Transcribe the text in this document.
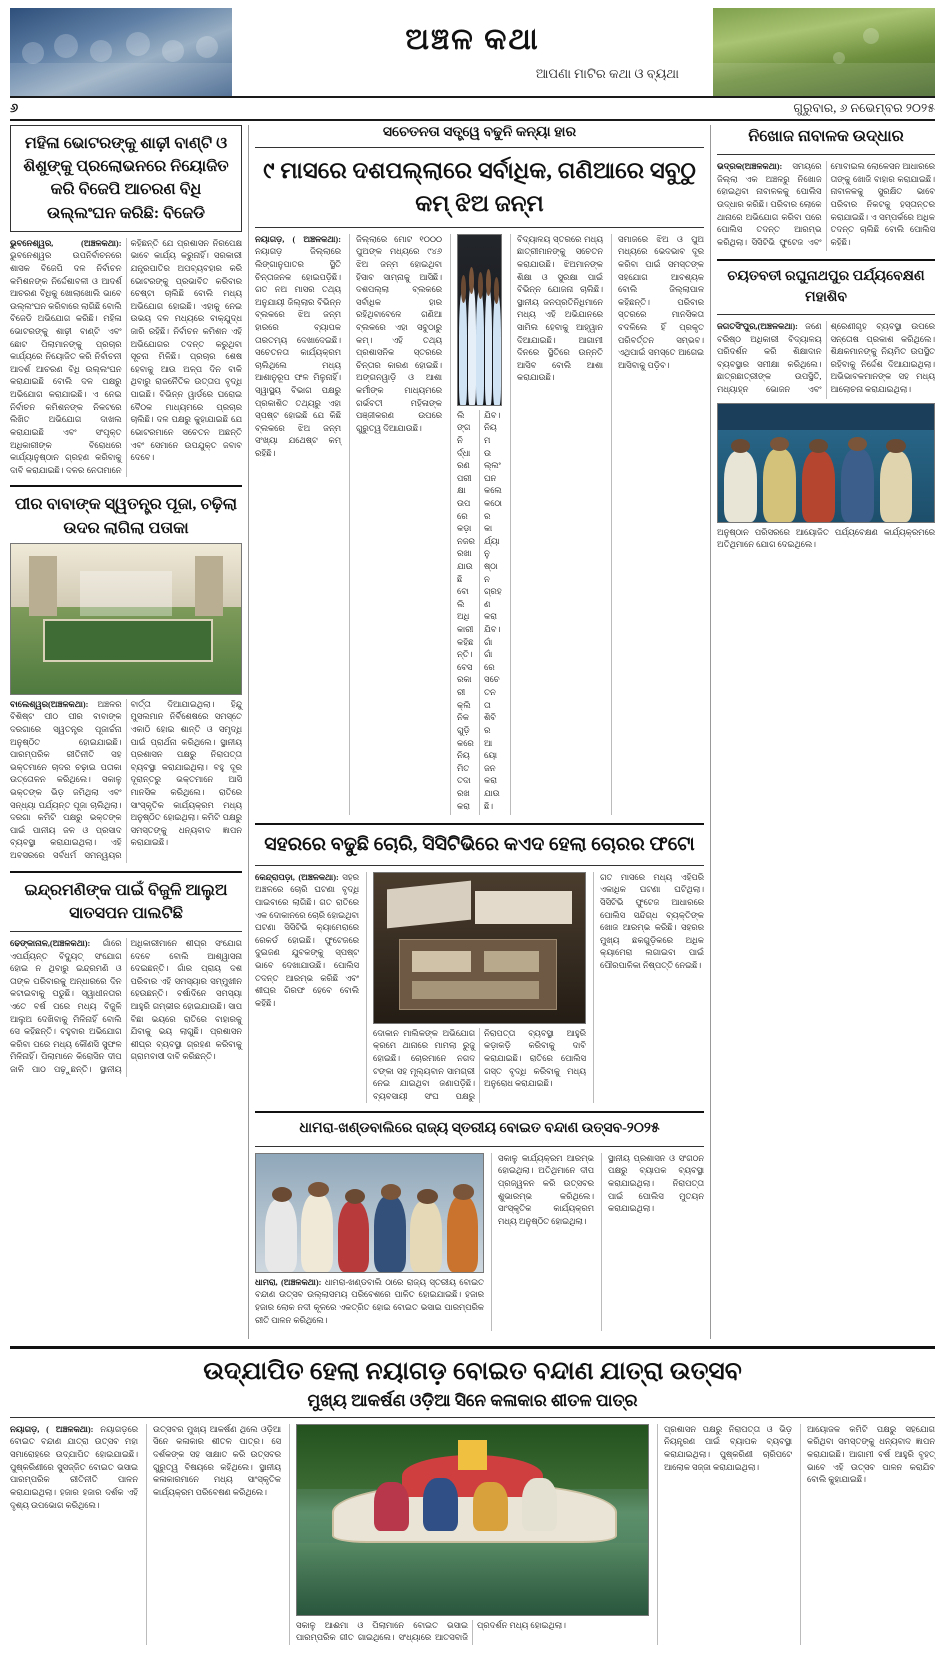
ଅଞ୍ଚଳ କଥା
ଆପଣା ମାଟିର କଥା ଓ ବ୍ୟଥା
୬	ଗୁରୁବାର, ୬ ନଭେମ୍ବର ୨୦୨୫
ମହିଳା ଭୋଟରଙ୍କୁ ଶାଢ଼ୀ ବାଣ୍ଟି ଓ ଶିଶୁଙ୍କୁ ପ୍ରଲୋଭନରେ ନିୟୋଜିତ କରି ବିଜେପି ଆଚରଣ ବିଧି ଉଲ୍ଲଂଘନ କରିଛି: ବିଜେଡି

ଭୁବନେଶ୍ୱର, (ଅଞ୍ଚଳକଥା): ଭୁବନେଶ୍ୱର ଉପନିର୍ବାଚନରେ ଶାସକ ବିଜେପି ଦଳ ନିର୍ବାଚନ କମିଶନଙ୍କ ନିର୍ଦ୍ଦେଶାବଳୀ ଓ ଆଦର୍ଶ ଆଚରଣ ବିଧିକୁ ଖୋଲାଖୋଲି ଭାବେ ଉଲ୍ଲଂଘନ କରିବାରେ ଲାଗିଛି ବୋଲି ବିଜେଡି ଅଭିଯୋଗ କରିଛି। ମହିଳା ଭୋଟରଙ୍କୁ ଶାଢ଼ୀ ବାଣ୍ଟି ଏବଂ ଛୋଟ ପିଲାମାନଙ୍କୁ ପ୍ରଚାର କାର୍ଯ୍ୟରେ ନିୟୋଜିତ କରି ନିର୍ବାଚନୀ ଆଦର୍ଶ ଆଚରଣ ବିଧି ଉଲ୍ଲଂଘନ କରାଯାଇଛି ବୋଲି ଦଳ ପକ୍ଷରୁ ଅଭିଯୋଗ କରାଯାଇଛି। ଏ ନେଇ ନିର୍ବାଚନ କମିଶନଙ୍କ ନିକଟରେ ଲିଖିତ ଅଭିଯୋଗ ଦାଖଲ କରାଯାଇଛି ଏବଂ ସଂପୃକ୍ତ ଅଧିକାରୀଙ୍କ ବିରୋଧରେ କାର୍ଯ୍ୟାନୁଷ୍ଠାନ ଗ୍ରହଣ କରିବାକୁ ଦାବି କରାଯାଇଛି। ଦଳର ନେତାମାନେ କହିଛନ୍ତି ଯେ ପ୍ରଶାସନ ନିରପେକ୍ଷ ଭାବେ କାର୍ଯ୍ୟ କରୁନାହିଁ। ସରକାରୀ ଯନ୍ତ୍ରପାତିର ଅପବ୍ୟବହାର କରି ଭୋଟରଙ୍କୁ ପ୍ରଭାବିତ କରିବାର ଚେଷ୍ଟା ଚାଲିଛି ବୋଲି ମଧ୍ୟ ଅଭିଯୋଗ ହୋଇଛି। ଏହାକୁ ନେଇ ଉଭୟ ଦଳ ମଧ୍ୟରେ ବାକ୍‌ଯୁଦ୍ଧ ଜାରି ରହିଛି। ନିର୍ବାଚନ କମିଶନ ଏହି ଅଭିଯୋଗର ତଦନ୍ତ କରୁଥିବା ସୂଚନା ମିଳିଛି। ପ୍ରଚାର ଶେଷ ହେବାକୁ ଆଉ ଅଳ୍ପ ଦିନ ବାକି ଥିବାରୁ ରାଜନୈତିକ ଉତ୍ତାପ ବୃଦ୍ଧି ପାଇଛି। ବିଭିନ୍ନ ୱାର୍ଡରେ ଘରୋଇ ବୈଠକ ମାଧ୍ୟମରେ ପ୍ରଚାର ଚାଲିଛି। ଦଳ ପକ୍ଷରୁ କୁହାଯାଇଛି ଯେ ଭୋଟରମାନେ ସଚେତନ ଅଛନ୍ତି ଏବଂ ସେମାନେ ଉପଯୁକ୍ତ ଜବାବ ଦେବେ।

ପୀର ବାବାଙ୍କ ସ୍ୱତନ୍ତ୍ର ପୂଜା, ଚଢ଼ିଲା ଉଦର ଲାଗିଲା ପତାକା

ବାଲେଶ୍ୱର(ଅଞ୍ଚଳକଥା): ଅଞ୍ଚଳର ବିଶିଷ୍ଟ ପୀଠ ପୀର ବାବାଙ୍କ ଦରଗାରେ ସ୍ୱତନ୍ତ୍ର ପୂଜାର୍ଚ୍ଚନା ଅନୁଷ୍ଠିତ ହୋଇଯାଇଛି। ପାରମ୍ପରିକ ରୀତିନୀତି ସହ ଭକ୍ତମାନେ ଚାଦର ଚଢ଼ାଇ ପତାକା ଉତ୍ତୋଳନ କରିଥିଲେ। ସକାଳୁ ଭକ୍ତଙ୍କ ଭିଡ଼ ଜମିଥିଲା ଏବଂ ସନ୍ଧ୍ୟା ପର୍ଯ୍ୟନ୍ତ ପୂଜା ଚାଲିଥିଲା। ଦରଗା କମିଟି ପକ୍ଷରୁ ଭକ୍ତଙ୍କ ପାଇଁ ପାନୀୟ ଜଳ ଓ ପ୍ରସାଦ ବ୍ୟବସ୍ଥା କରାଯାଇଥିଲା। ଏହି ଅବସରରେ ସର୍ବଧର୍ମ ସମନ୍ୱୟର ବାର୍ତ୍ତା ଦିଆଯାଇଥିଲା। ହିନ୍ଦୁ ମୁସଲମାନ ନିର୍ବିଶେଷରେ ସମସ୍ତେ ଏକାଠି ହୋଇ ଶାନ୍ତି ଓ ସମୃଦ୍ଧି ପାଇଁ ପ୍ରାର୍ଥନା କରିଥିଲେ। ସ୍ଥାନୀୟ ପ୍ରଶାସନ ପକ୍ଷରୁ ନିରାପତ୍ତା ବ୍ୟବସ୍ଥା କରାଯାଇଥିଲା। ବହୁ ଦୂର ଦୂରାନ୍ତରୁ ଭକ୍ତମାନେ ଆସି ମାନସିକ କରିଥିଲେ। ରାତିରେ ସାଂସ୍କୃତିକ କାର୍ଯ୍ୟକ୍ରମ ମଧ୍ୟ ଅନୁଷ୍ଠିତ ହୋଇଥିଲା। କମିଟି ପକ୍ଷରୁ ସମସ୍ତଙ୍କୁ ଧନ୍ୟବାଦ ଜ୍ଞାପନ କରାଯାଇଛି।

ଇନ୍ଦ୍ରମଣିଙ୍କ ପାଇଁ ବିଜୁଳି ଆଲୁଅ ସାତସପନ ପାଲଟିଛି

ଢେଙ୍କାନାଳ,(ଅଞ୍ଚଳକଥା): ଗାଁରେ ଏପର୍ଯ୍ୟନ୍ତ ବିଦ୍ୟୁତ୍‌ ସଂଯୋଗ ହୋଇ ନ ଥିବାରୁ ଇନ୍ଦ୍ରମଣି ଓ ତାଙ୍କ ପରିବାରକୁ ଅନ୍ଧାରରେ ଦିନ କଟାଇବାକୁ ପଡୁଛି। ସ୍ୱାଧୀନତାର ଏତେ ବର୍ଷ ପରେ ମଧ୍ୟ ବିଜୁଳି ଆଲୁଅ ଦେଖିବାକୁ ମିଳିନାହିଁ ବୋଲି ସେ କହିଛନ୍ତି। ବହୁବାର ଅଭିଯୋଗ କରିବା ପରେ ମଧ୍ୟ କୌଣସି ସୁଫଳ ମିଳିନାହିଁ। ପିଲାମାନେ କିରୋସିନ ଦୀପ ଜାଳି ପାଠ ପଢ଼ୁଛନ୍ତି। ସ୍ଥାନୀୟ ଅଧିକାରୀମାନେ ଶୀଘ୍ର ସଂଯୋଗ ଦେବେ ବୋଲି ଆଶ୍ୱାସନା ଦେଇଛନ୍ତି। ଗାଁର ପ୍ରାୟ ଦଶ ପରିବାର ଏହି ସମସ୍ୟାର ସମ୍ମୁଖୀନ ହେଉଛନ୍ତି। ବର୍ଷାଦିନେ ସମସ୍ୟା ଆହୁରି ଗମ୍ଭୀର ହୋଇଯାଉଛି। ସାପ ବିଛା ଭୟରେ ରାତିରେ ବାହାରକୁ ଯିବାକୁ ଭୟ ଲାଗୁଛି। ପ୍ରଶାସନ ଶୀଘ୍ର ବ୍ୟବସ୍ଥା ଗ୍ରହଣ କରିବାକୁ ଗ୍ରାମବାସୀ ଦାବି କରିଛନ୍ତି।

ସଚେତନତା ସତ୍ତ୍ୱେ ବଢୁନି କନ୍ୟା ହାର
୯ ମାସରେ ଦଶପଲ୍ଲାରେ ସର୍ବାଧିକ, ଗଣିଆରେ ସବୁଠୁ କମ୍‌ ଝିଅ ଜନ୍ମ

ନୟାଗଡ଼, ( ଅଞ୍ଚଳକଥା): ନୟାଗଡ଼ ଜିଲ୍ଲାରେ ଲିଙ୍ଗାନୁପାତର ସ୍ଥିତି ଚିନ୍ତାଜନକ ହୋଇପଡ଼ିଛି। ଗତ ନଅ ମାସର ତଥ୍ୟ ଅନୁଯାୟୀ ଜିଲ୍ଲାର ବିଭିନ୍ନ ବ୍ଲକରେ ଝିଅ ଜନ୍ମ ହାରରେ ବ୍ୟାପକ ତାରତମ୍ୟ ଦେଖାଦେଇଛି। ସଚେତନତା କାର୍ଯ୍ୟକ୍ରମ ଚାଲିଥିଲେ ମଧ୍ୟ ଆଶାନୁରୂପ ଫଳ ମିଳୁନାହିଁ। ସ୍ୱାସ୍ଥ୍ୟ ବିଭାଗ ପକ୍ଷରୁ ପ୍ରକାଶିତ ତଥ୍ୟରୁ ଏହା ସ୍ପଷ୍ଟ ହୋଇଛି ଯେ କିଛି ବ୍ଲକରେ ଝିଅ ଜନ୍ମ ସଂଖ୍ୟା ଯଥେଷ୍ଟ କମ୍‌ ରହିଛି।

ଜିଲ୍ଲାରେ ମୋଟ ୧୦୦୦ ପୁଅଙ୍କ ମଧ୍ୟରେ ୯୪୬ ଝିଅ ଜନ୍ମ ହୋଇଥିବା ହିସାବ ସାମ୍ନାକୁ ଆସିଛି। ଦଶପଲ୍ଲା ବ୍ଲକରେ ସର୍ବାଧିକ ହାର ରହିଥିବାବେଳେ ଗଣିଆ ବ୍ଲକରେ ଏହା ସବୁଠାରୁ କମ୍‌। ଏହି ତଥ୍ୟ ପ୍ରଶାସନିକ ସ୍ତରରେ ଚିନ୍ତାର କାରଣ ହୋଇଛି। ଅଙ୍ଗନୱାଡ଼ି ଓ ଆଶା କର୍ମୀଙ୍କ ମାଧ୍ୟମରେ ଗର୍ଭବତୀ ମହିଳାଙ୍କ ପଞ୍ଜୀକରଣ ଉପରେ ଗୁରୁତ୍ୱ ଦିଆଯାଉଛି।

ଲିଙ୍ଗ ନିର୍ଦ୍ଧାରଣ ପରୀକ୍ଷା ଉପରେ କଡ଼ା ନଜର ରଖାଯାଉଛି ବୋଲି ଅଧିକାରୀ କହିଛନ୍ତି। ବେସରକାରୀ କ୍ଲିନିକଗୁଡ଼ିକରେ ନିୟମିତ ତଦାରଖ କରାଯିବ। ନିୟମ ଉଲ୍ଲଂଘନ କଲେ କଠୋର କାର୍ଯ୍ୟାନୁଷ୍ଠାନ ଗ୍ରହଣ କରାଯିବ। ଗାଁ ଗାଁରେ ସଚେତନତା ଶିବିର ଆୟୋଜନ କରାଯାଉଛି।

ବିଦ୍ୟାଳୟ ସ୍ତରରେ ମଧ୍ୟ ଛାତ୍ରୀମାନଙ୍କୁ ସଚେତନ କରାଯାଉଛି। ଝିଅମାନଙ୍କ ଶିକ୍ଷା ଓ ସୁରକ୍ଷା ପାଇଁ ବିଭିନ୍ନ ଯୋଜନା ଚାଲିଛି। ସ୍ଥାନୀୟ ଜନପ୍ରତିନିଧିମାନେ ମଧ୍ୟ ଏହି ଅଭିଯାନରେ ସାମିଲ ହେବାକୁ ଆହ୍ୱାନ ଦିଆଯାଇଛି। ଆଗାମୀ ଦିନରେ ସ୍ଥିତିରେ ଉନ୍ନତି ଆସିବ ବୋଲି ଆଶା କରାଯାଉଛି।

ସମାଜରେ ଝିଅ ଓ ପୁଅ ମଧ୍ୟରେ ଭେଦଭାବ ଦୂର କରିବା ପାଇଁ ସମସ୍ତଙ୍କ ସହଯୋଗ ଆବଶ୍ୟକ ବୋଲି ଜିଲ୍ଲାପାଳ କହିଛନ୍ତି। ପରିବାର ସ୍ତରରେ ମାନସିକତା ବଦଳିଲେ ହିଁ ପ୍ରକୃତ ପରିବର୍ତ୍ତନ ସମ୍ଭବ। ଏଥିପାଇଁ ସମସ୍ତେ ଆଗେଇ ଆସିବାକୁ ପଡ଼ିବ।

ସହରରେ ବଢୁଛି ଚୋରି, ସିସିଟିଭିରେ କଏଦ ହେଲା ଚୋରର ଫଟୋ

କେନ୍ଦ୍ରାପଡ଼ା, (ଅଞ୍ଚଳକଥା): ସହର ଅଞ୍ଚଳରେ ଚୋରି ଘଟଣା ବୃଦ୍ଧି ପାଇବାରେ ଲାଗିଛି। ଗତ ରାତିରେ ଏକ ଦୋକାନରେ ଚୋରି ହୋଇଥିବା ଘଟଣା ସିସିଟିଭି କ୍ୟାମେରାରେ ରେକର୍ଡ ହୋଇଛି। ଫୁଟେଜରେ ଦୁଇଜଣ ଯୁବକଙ୍କୁ ସ୍ପଷ୍ଟ ଭାବେ ଦେଖାଯାଉଛି। ପୋଲିସ ତଦନ୍ତ ଆରମ୍ଭ କରିଛି ଏବଂ ଶୀଘ୍ର ଗିରଫ ହେବେ ବୋଲି କହିଛି।

ଦୋକାନ ମାଲିକଙ୍କ ଅଭିଯୋଗ କ୍ରମେ ଥାନାରେ ମାମଲା ରୁଜୁ ହୋଇଛି। ଚୋରମାନେ ନଗଦ ଟଙ୍କା ସହ ମୂଲ୍ୟବାନ ସାମଗ୍ରୀ ନେଇ ଯାଇଥିବା ଜଣାପଡ଼ିଛି। ବ୍ୟବସାୟୀ ସଂଘ ପକ୍ଷରୁ ନିରାପତ୍ତା ବ୍ୟବସ୍ଥା ଆହୁରି କଡ଼ାକଡ଼ି କରିବାକୁ ଦାବି କରାଯାଇଛି। ରାତିରେ ପୋଲିସ ଗସ୍ତ ବୃଦ୍ଧି କରିବାକୁ ମଧ୍ୟ ଅନୁରୋଧ କରାଯାଇଛି।

ଗତ ମାସରେ ମଧ୍ୟ ଏହିପରି ଏକାଧିକ ଘଟଣା ଘଟିଥିଲା। ସିସିଟିଭି ଫୁଟେଜ ଆଧାରରେ ପୋଲିସ ସନ୍ଦିଗ୍ଧ ବ୍ୟକ୍ତିଙ୍କ ଖୋଜ ଆରମ୍ଭ କରିଛି। ସହରର ମୁଖ୍ୟ ଛକଗୁଡ଼ିକରେ ଅଧିକ କ୍ୟାମେରା ଲଗାଇବା ପାଇଁ ପୌରପାଳିକା ନିଷ୍ପତ୍ତି ନେଇଛି।

ଧାମରା-ଖଣ୍ଡବାଲିରେ ରାଜ୍ୟ ସ୍ତରୀୟ ବୋଇତ ବନ୍ଦାଣ ଉତ୍ସବ-୨୦୨୫

ଧାମରା, (ଅଞ୍ଚଳକଥା): ଧାମରା-ଖଣ୍ଡବାଲି ଠାରେ ରାଜ୍ୟ ସ୍ତରୀୟ ବୋଇତ ବନ୍ଦାଣ ଉତ୍ସବ ଉଲ୍ଲାସମୟ ପରିବେଶରେ ପାଳିତ ହୋଇଯାଇଛି। ହଜାର ହଜାର ଲୋକ ନଦୀ କୂଳରେ ଏକତ୍ରିତ ହୋଇ ବୋଇତ ଭସାଇ ପାରମ୍ପରିକ ରୀତି ପାଳନ କରିଥିଲେ।

ସକାଳୁ କାର୍ଯ୍ୟକ୍ରମ ଆରମ୍ଭ ହୋଇଥିଲା। ଅତିଥିମାନେ ଦୀପ ପ୍ରଜ୍ୱଳନ କରି ଉତ୍ସବର ଶୁଭାରମ୍ଭ କରିଥିଲେ। ସାଂସ୍କୃତିକ କାର୍ଯ୍ୟକ୍ରମ ମଧ୍ୟ ଅନୁଷ୍ଠିତ ହୋଇଥିଲା।

ସ୍ଥାନୀୟ ପ୍ରଶାସନ ଓ ସଂଗଠନ ପକ୍ଷରୁ ବ୍ୟାପକ ବ୍ୟବସ୍ଥା କରାଯାଇଥିଲା। ନିରାପତ୍ତା ପାଇଁ ପୋଲିସ ମୁତୟନ କରାଯାଇଥିଲା।

ନିଖୋଜ ନାବାଳକ ଉଦ୍ଧାର

ଭଦ୍ରକ(ଅଞ୍ଚଳକଥା): ସମୟରେ ଜିଲ୍ଲା ଏକ ଅଞ୍ଚଳରୁ ନିଖୋଜ ହୋଇଥିବା ନାବାଳକକୁ ପୋଲିସ ଉଦ୍ଧାର କରିଛି। ପରିବାର ଲୋକେ ଥାନାରେ ଅଭିଯୋଗ କରିବା ପରେ ପୋଲିସ ତଦନ୍ତ ଆରମ୍ଭ କରିଥିଲା। ସିସିଟିଭି ଫୁଟେଜ ଏବଂ ମୋବାଇଲ ଲୋକେସନ ଆଧାରରେ ତାଙ୍କୁ ଖୋଜି ବାହାର କରାଯାଇଛି। ନାବାଳକକୁ ସୁରକ୍ଷିତ ଭାବେ ପରିବାର ନିକଟକୁ ହସ୍ତାନ୍ତର କରାଯାଇଛି। ଏ ସମ୍ପର୍କରେ ଅଧିକ ତଦନ୍ତ ଚାଲିଛି ବୋଲି ପୋଲିସ କହିଛି।

ଚୟତବତୀ ରଘୁନାଥପୁର ପର୍ଯ୍ୟବେକ୍ଷଣ ମହାଶିବ

ଜଗତସିଂପୁର,(ଅଞ୍ଚଳକଥା): ଜଣେ ବରିଷ୍ଠ ଅଧିକାରୀ ବିଦ୍ୟାଳୟ ପରିଦର୍ଶନ କରି ଶିକ୍ଷାଦାନ ବ୍ୟବସ୍ଥାର ସମୀକ୍ଷା କରିଥିଲେ। ଛାତ୍ରଛାତ୍ରୀଙ୍କ ଉପସ୍ଥିତି, ମଧ୍ୟାହ୍ନ ଭୋଜନ ଏବଂ ଶ୍ରେଣୀଗୃହ ବ୍ୟବସ୍ଥା ଉପରେ ସନ୍ତୋଷ ପ୍ରକାଶ କରିଥିଲେ। ଶିକ୍ଷକମାନଙ୍କୁ ନିୟମିତ ଉପସ୍ଥିତ ରହିବାକୁ ନିର୍ଦ୍ଦେଶ ଦିଆଯାଇଥିଲା। ଅଭିଭାବକମାନଙ୍କ ସହ ମଧ୍ୟ ଆଲୋଚନା କରାଯାଇଥିଲା।

ଅନୁଷ୍ଠାନ ପରିସରରେ ଆୟୋଜିତ ପର୍ଯ୍ୟବେକ୍ଷଣ କାର୍ଯ୍ୟକ୍ରମରେ ଅତିଥିମାନେ ଯୋଗ ଦେଇଥିଲେ।

ଉଦ୍‌ଯାପିତ ହେଲା ନୟାଗଡ଼ ବୋଇତ ବନ୍ଦାଣ ଯାତ୍ରା ଉତ୍ସବ
ମୁଖ୍ୟ ଆକର୍ଷଣ ଓଡ଼ିଆ ସିନେ କଳାକାର ଶୀତଳ ପାତ୍ର

ନୟାଗଡ଼, ( ଅଞ୍ଚଳକଥା): ନୟାଗଡ଼ରେ ବୋଇତ ବନ୍ଦାଣ ଯାତ୍ରା ଉତ୍ସବ ମହା ସମାରୋହରେ ଉଦ୍‌ଯାପିତ ହୋଇଯାଇଛି। ପୁଷ୍କରିଣୀରେ ସୁସଜ୍ଜିତ ବୋଇତ ଭସାଇ ପାରମ୍ପରିକ ରୀତିନୀତି ପାଳନ କରାଯାଇଥିଲା। ହଜାର ହଜାର ଦର୍ଶକ ଏହି ଦୃଶ୍ୟ ଉପଭୋଗ କରିଥିଲେ।

ଉତ୍ସବର ମୁଖ୍ୟ ଆକର୍ଷଣ ଥିଲେ ଓଡ଼ିଆ ସିନେ କଳାକାର ଶୀତଳ ପାତ୍ର। ସେ ଦର୍ଶକଙ୍କ ସହ ସାକ୍ଷାତ କରି ଉତ୍ସବର ଗୁରୁତ୍ୱ ବିଷୟରେ କହିଥିଲେ। ସ୍ଥାନୀୟ କଳାକାରମାନେ ମଧ୍ୟ ସାଂସ୍କୃତିକ କାର୍ଯ୍ୟକ୍ରମ ପରିବେଷଣ କରିଥିଲେ।

ସକାଳୁ ଆଈମା ଓ ପିଲାମାନେ ବୋଇତ ଭସାଇ ପାରମ୍ପରିକ ଗୀତ ଗାଇଥିଲେ। ସଂଧ୍ୟାରେ ଆତସବାଜି ପ୍ରଦର୍ଶନ ମଧ୍ୟ ହୋଇଥିଲା।

ପ୍ରଶାସନ ପକ୍ଷରୁ ନିରାପତ୍ତା ଓ ଭିଡ଼ ନିୟନ୍ତ୍ରଣ ପାଇଁ ବ୍ୟାପକ ବ୍ୟବସ୍ଥା କରାଯାଇଥିଲା। ପୁଷ୍କରିଣୀ ଚାରିପଟେ ଆଲୋକ ସଜ୍ଜା କରାଯାଇଥିଲା।

ଆୟୋଜକ କମିଟି ପକ୍ଷରୁ ସହଯୋଗ କରିଥିବା ସମସ୍ତଙ୍କୁ ଧନ୍ୟବାଦ ଜ୍ଞାପନ କରାଯାଇଛି। ଆଗାମୀ ବର୍ଷ ଆହୁରି ବୃହତ୍‌ ଭାବେ ଏହି ଉତ୍ସବ ପାଳନ କରାଯିବ ବୋଲି କୁହାଯାଇଛି।
